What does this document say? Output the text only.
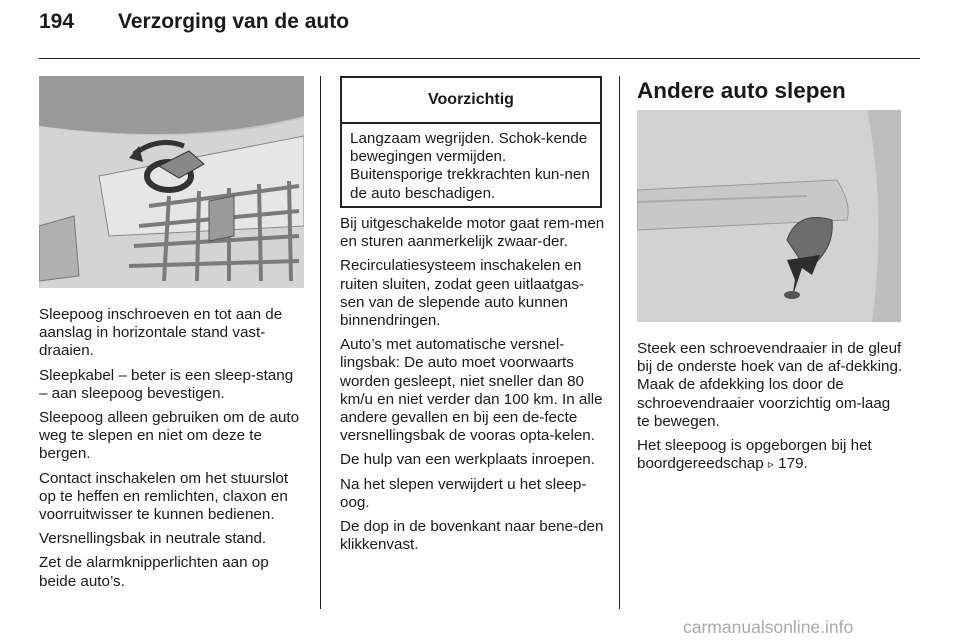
194 Verzorging van de auto

Sleepoog inschroeven en tot aan de aanslag in horizontale stand vast-draaien.

Sleepkabel – beter is een sleep-stang – aan sleepoog bevestigen.

Sleepoog alleen gebruiken om de auto weg te slepen en niet om deze te bergen.

Contact inschakelen om het stuurslot op te heffen en remlichten, claxon en voorruitwisser te kunnen bedienen.

Versnellingsbak in neutrale stand.

Zet de alarmknipperlichten aan op beide auto’s.

Voorzichtig
Langzaam wegrijden. Schok-kende bewegingen vermijden. Buitensporige trekkrachten kun-nen de auto beschadigen.

Bij uitgeschakelde motor gaat rem-men en sturen aanmerkelijk zwaar-der.

Recirculatiesysteem inschakelen en ruiten sluiten, zodat geen uitlaatgas-sen van de slepende auto kunnen binnendringen.

Auto’s met automatische versnel-lingsbak: De auto moet voorwaarts worden gesleept, niet sneller dan 80 km/u en niet verder dan 100 km. In alle andere gevallen en bij een de-fecte versnellingsbak de vooras opta-kelen.

De hulp van een werkplaats inroepen.

Na het slepen verwijdert u het sleep-oog.

De dop in de bovenkant naar bene-den klikkenvast.

Andere auto slepen

Steek een schroevendraaier in de gleuf bij de onderste hoek van de af-dekking. Maak de afdekking los door de schroevendraaier voorzichtig om-laag te bewegen.

Het sleepoog is opgeborgen bij het boordgereedschap ▹ 179.

carmanualsonline.info
